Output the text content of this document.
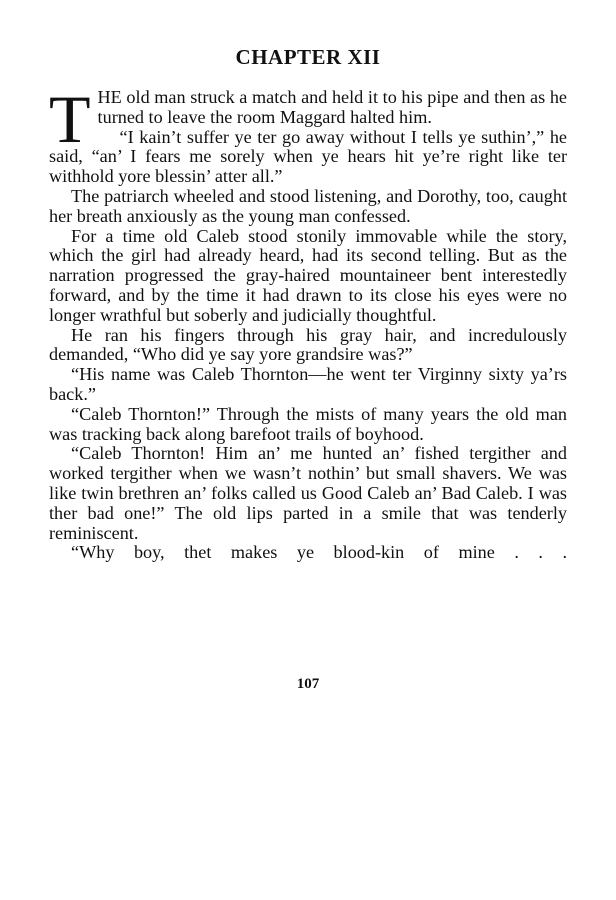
CHAPTER XII

THE old man struck a match and held it to his pipe and then as he turned to leave the room Maggard halted him.

“I kain’t suffer ye ter go away without I tells ye suthin’,” he said, “an’ I fears me sorely when ye hears hit ye’re right like ter withhold yore blessin’ atter all.”

The patriarch wheeled and stood listening, and Dorothy, too, caught her breath anxiously as the young man confessed.

For a time old Caleb stood stonily immovable while the story, which the girl had already heard, had its second telling. But as the narration progressed the gray-haired mountaineer bent interestedly forward, and by the time it had drawn to its close his eyes were no longer wrathful but soberly and judicially thoughtful.

He ran his fingers through his gray hair, and incredulously demanded, “Who did ye say yore grandsire was?”

“His name was Caleb Thornton—he went ter Virginny sixty ya’rs back.”

“Caleb Thornton!” Through the mists of many years the old man was tracking back along barefoot trails of boyhood.

“Caleb Thornton! Him an’ me hunted an’ fished tergither and worked tergither when we wasn’t nothin’ but small shavers. We was like twin brethren an’ folks called us Good Caleb an’ Bad Caleb. I was ther bad one!” The old lips parted in a smile that was tenderly reminiscent.

“Why boy, thet makes ye blood-kin of mine . . .

107
